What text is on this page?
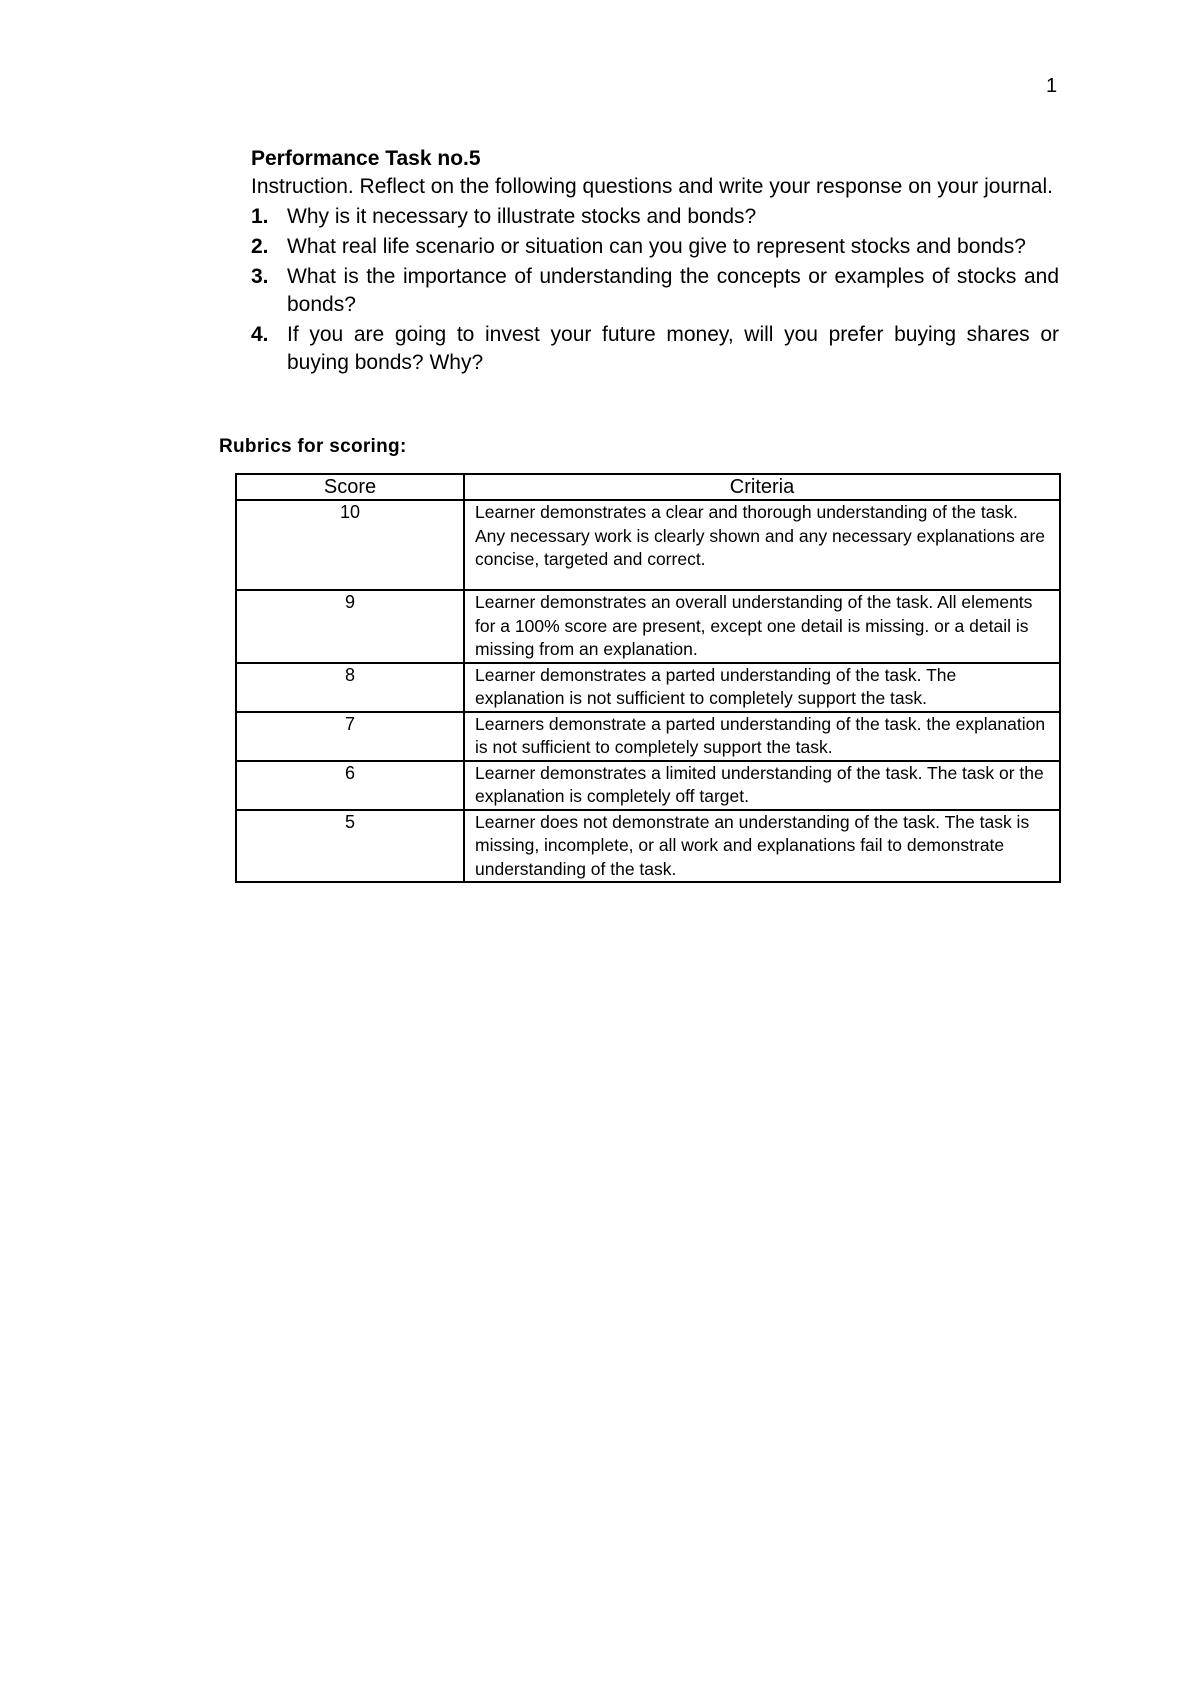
1
Performance Task no.5
Instruction. Reflect on the following questions and write your response on your journal.
1. Why is it necessary to illustrate stocks and bonds?
2. What real life scenario or situation can you give to represent stocks and bonds?
3. What is the importance of understanding the concepts or examples of stocks and bonds?
4. If you are going to invest your future money, will you prefer buying shares or buying bonds? Why?
Rubrics for scoring:
Score	Criteria
10	Learner demonstrates a clear and thorough understanding of the task. Any necessary work is clearly shown and any necessary explanations are concise, targeted and correct.
9	Learner demonstrates an overall understanding of the task. All elements for a 100% score are present, except one detail is missing. or a detail is missing from an explanation.
8	Learner demonstrates a parted understanding of the task. The explanation is not sufficient to completely support the task.
7	Learners demonstrate a parted understanding of the task. the explanation is not sufficient to completely support the task.
6	Learner demonstrates a limited understanding of the task. The task or the explanation is completely off target.
5	Learner does not demonstrate an understanding of the task. The task is missing, incomplete, or all work and explanations fail to demonstrate understanding of the task.
